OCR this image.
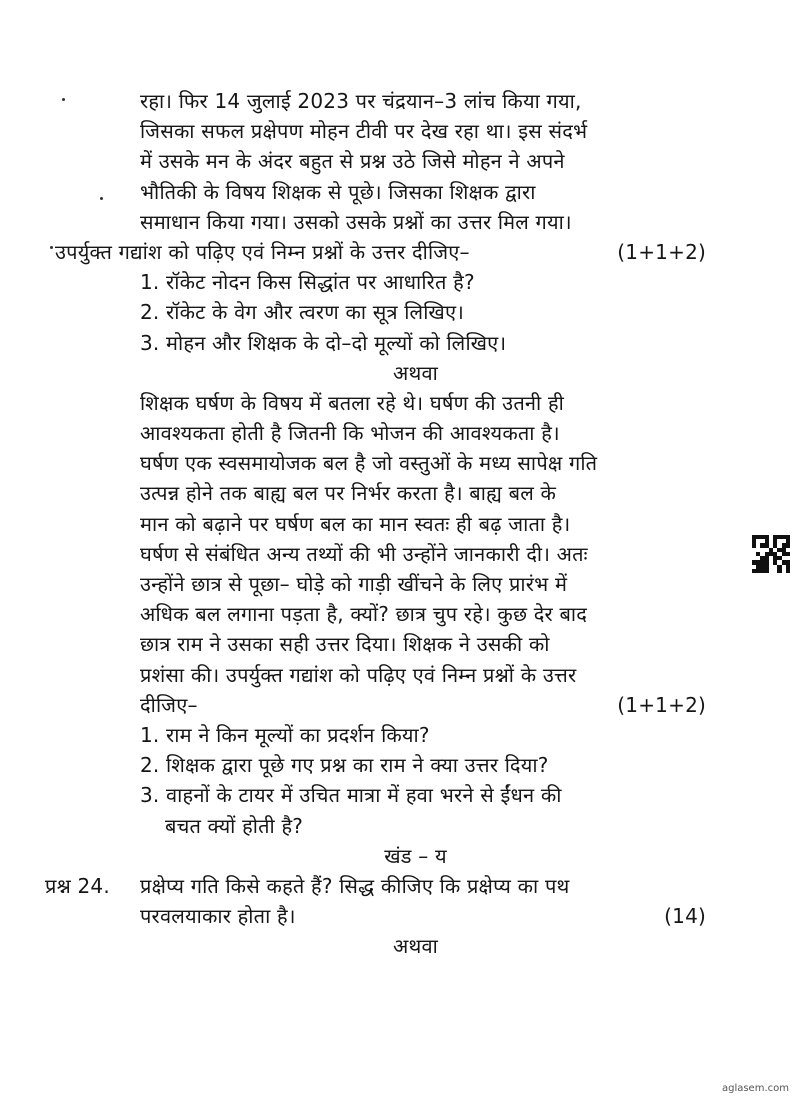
रहा। फिर 14 जुलाई 2023 पर चंद्रयान–3 लांच किया गया,
जिसका सफल प्रक्षेपण मोहन टीवी पर देख रहा था। इस संदर्भ
में उसके मन के अंदर बहुत से प्रश्न उठे जिसे मोहन ने अपने
भौतिकी के विषय शिक्षक से पूछे। जिसका शिक्षक द्वारा
समाधान किया गया। उसको उसके प्रश्नों का उत्तर मिल गया।
उपर्युक्त गद्यांश को पढ़िए एवं निम्न प्रश्नों के उत्तर दीजिए–	(1+1+2)
1. रॉकेट नोदन किस सिद्धांत पर आधारित है?
2. रॉकेट के वेग और त्वरण का सूत्र लिखिए।
3. मोहन और शिक्षक के दो–दो मूल्यों को लिखिए।
अथवा
शिक्षक घर्षण के विषय में बतला रहे थे। घर्षण की उतनी ही
आवश्यकता होती है जितनी कि भोजन की आवश्यकता है।
घर्षण एक स्वसमायोजक बल है जो वस्तुओं के मध्य सापेक्ष गति
उत्पन्न होने तक बाह्य बल पर निर्भर करता है। बाह्य बल के
मान को बढ़ाने पर घर्षण बल का मान स्वतः ही बढ़ जाता है।
घर्षण से संबंधित अन्य तथ्यों की भी उन्होंने जानकारी दी। अतः
उन्होंने छात्र से पूछा– घोड़े को गाड़ी खींचने के लिए प्रारंभ में
अधिक बल लगाना पड़ता है, क्यों? छात्र चुप रहे। कुछ देर बाद
छात्र राम ने उसका सही उत्तर दिया। शिक्षक ने उसकी को
प्रशंसा की। उपर्युक्त गद्यांश को पढ़िए एवं निम्न प्रश्नों के उत्तर
दीजिए–	(1+1+2)
1. राम ने किन मूल्यों का प्रदर्शन किया?
2. शिक्षक द्वारा पूछे गए प्रश्न का राम ने क्या उत्तर दिया?
3. वाहनों के टायर में उचित मात्रा में हवा भरने से ईंधन की
बचत क्यों होती है?
खंड – य
प्रश्न 24. प्रक्षेप्य गति किसे कहते हैं? सिद्ध कीजिए कि प्रक्षेप्य का पथ
परवलयाकार होता है।	(14)
अथवा
aglasem.com
